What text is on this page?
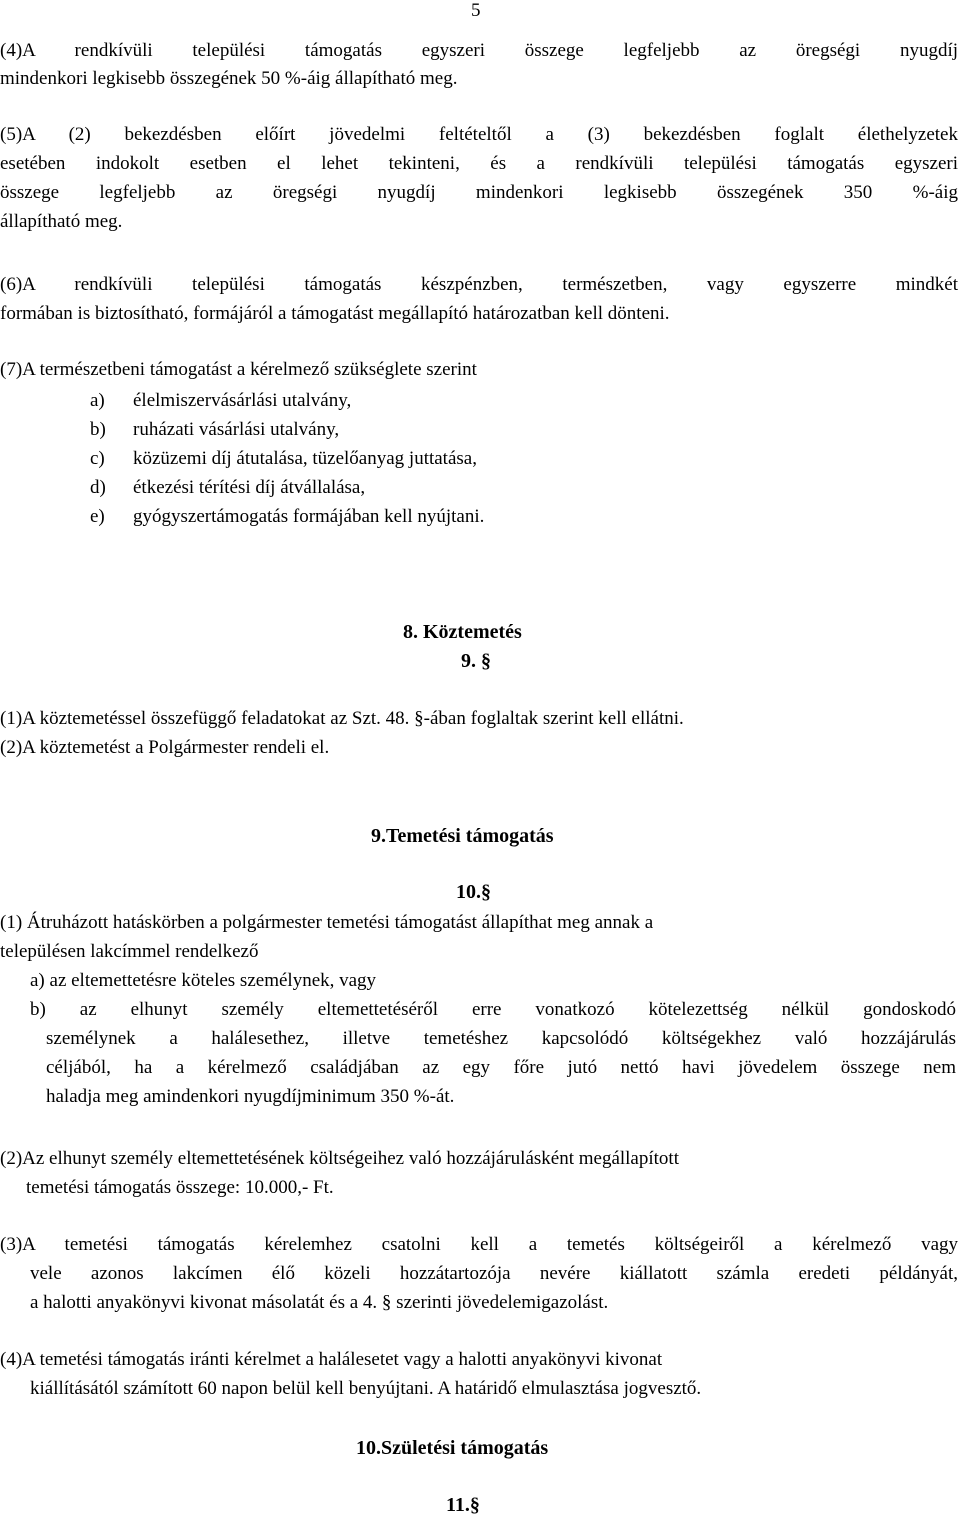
5
(4)A rendkívüli települési támogatás egyszeri összege legfeljebb az öregségi nyugdíj
mindenkori legkisebb összegének 50 %-áig állapítható meg.
(5)A (2) bekezdésben előírt jövedelmi feltételtől a (3) bekezdésben foglalt élethelyzetek
esetében indokolt esetben el lehet tekinteni, és a rendkívüli települési támogatás egyszeri
összege legfeljebb az öregségi nyugdíj mindenkori legkisebb összegének 350 %-áig
állapítható meg.
(6)A rendkívüli települési támogatás készpénzben, természetben, vagy egyszerre mindkét
formában is biztosítható, formájáról a támogatást megállapító határozatban kell dönteni.
(7)A természetbeni támogatást a kérelmező szükséglete szerint
a) élelmiszervásárlási utalvány,
b) ruházati vásárlási utalvány,
c) közüzemi díj átutalása, tüzelőanyag juttatása,
d) étkezési térítési díj átvállalása,
e) gyógyszertámogatás formájában kell nyújtani.
8. Köztemetés
9. §
(1)A köztemetéssel összefüggő feladatokat az Szt. 48. §-ában foglaltak szerint kell ellátni.
(2)A köztemetést a Polgármester rendeli el.
9.Temetési támogatás
10.§
(1) Átruházott hatáskörben a polgármester temetési támogatást állapíthat meg annak a
településen lakcímmel rendelkező
a) az eltemettetésre köteles személynek, vagy
b) az elhunyt személy eltemettetéséről erre vonatkozó kötelezettség nélkül gondoskodó
személynek a halálesethez, illetve temetéshez kapcsolódó költségekhez való hozzájárulás
céljából, ha a kérelmező családjában az egy főre jutó nettó havi jövedelem összege nem
haladja meg amindenkori nyugdíjminimum 350 %-át.
(2)Az elhunyt személy eltemettetésének költségeihez való hozzájárulásként megállapított
temetési támogatás összege: 10.000,- Ft.
(3)A temetési támogatás kérelemhez csatolni kell a temetés költségeiről a kérelmező vagy
vele azonos lakcímen élő közeli hozzátartozója nevére kiállatott számla eredeti példányát,
a halotti anyakönyvi kivonat másolatát és a 4. § szerinti jövedelemigazolást.
(4)A temetési támogatás iránti kérelmet a halálesetet vagy a halotti anyakönyvi kivonat
kiállításától számított 60 napon belül kell benyújtani. A határidő elmulasztása jogvesztő.
10.Születési támogatás
11.§
